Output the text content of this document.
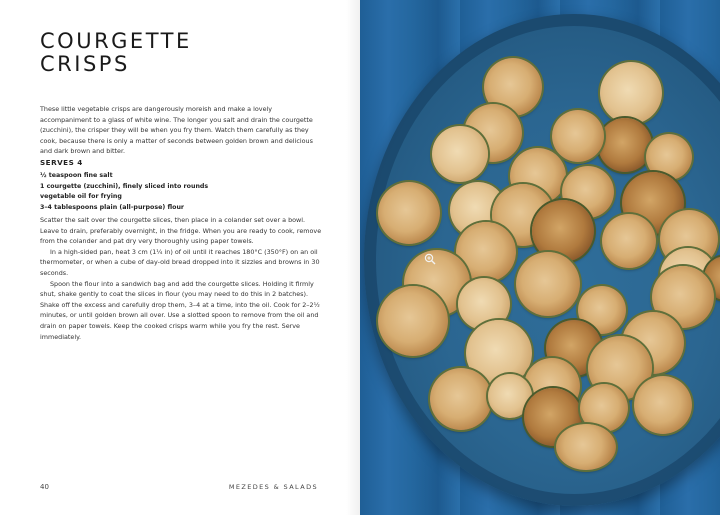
COURGETTE
CRISPS

These little vegetable crisps are dangerously moreish and make a lovely accompaniment to a glass of white wine. The longer you salt and drain the courgette (zucchini), the crisper they will be when you fry them. Watch them carefully as they cook, because there is only a matter of seconds between golden brown and delicious and dark brown and bitter.

SERVES 4
½ teaspoon fine salt
1 courgette (zucchini), finely sliced into rounds
vegetable oil for frying
3–4 tablespoons plain (all-purpose) flour

Scatter the salt over the courgette slices, then place in a colander set over a bowl. Leave to drain, preferably overnight, in the fridge. When you are ready to cook, remove from the colander and pat dry very thoroughly using paper towels.

In a high-sided pan, heat 3 cm (1¼ in) of oil until it reaches 180°C (350°F) on an oil thermometer, or when a cube of day-old bread dropped into it sizzles and browns in 30 seconds.

Spoon the flour into a sandwich bag and add the courgette slices. Holding it firmly shut, shake gently to coat the slices in flour (you may need to do this in 2 batches). Shake off the excess and carefully drop them, 3–4 at a time, into the oil. Cook for 2–2½ minutes, or until golden brown all over. Use a slotted spoon to remove from the oil and drain on paper towels. Keep the cooked crisps warm while you fry the rest. Serve immediately.

40	MEZEDES & SALADS
